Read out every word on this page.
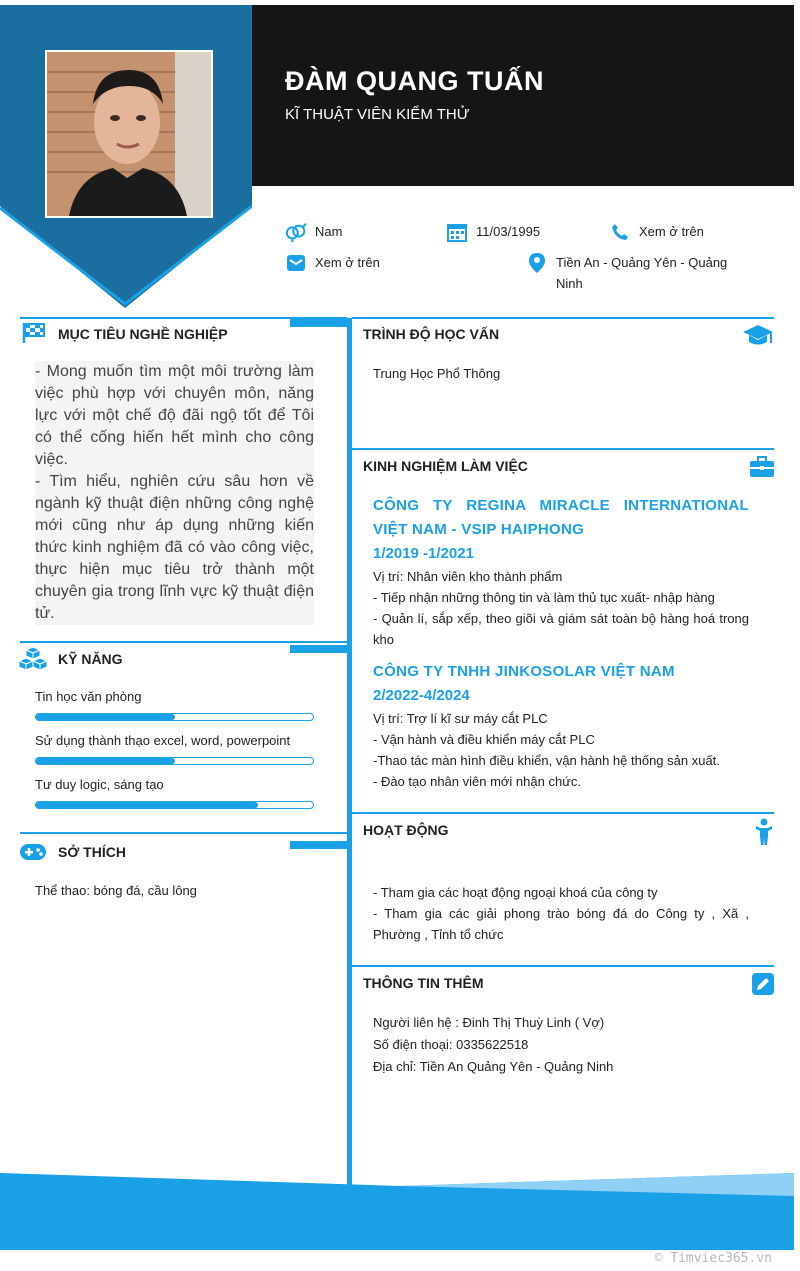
ĐÀM QUANG TUẤN
KĨ THUẬT VIÊN KIỂM THỬ
Nam	11/03/1995	Xem ở trên
Xem ở trên	Tiền An - Quảng Yên - Quảng Ninh
MỤC TIÊU NGHỀ NGHIỆP

- Mong muốn tìm một môi trường làm việc phù hợp với chuyên môn, năng lực với một chế độ đãi ngộ tốt để Tôi có thể cống hiến hết mình cho công việc.

- Tìm hiểu, nghiên cứu sâu hơn về ngành kỹ thuật điện những công nghệ mới cũng như áp dụng những kiến thức kinh nghiệm đã có vào công việc, thực hiện mục tiêu trở thành một chuyên gia trong lĩnh vực kỹ thuật điện tử.

KỸ NĂNG
Tin học văn phòng
Sử dụng thành thạo excel, word, powerpoint
Tư duy logic, sáng tạo
SỞ THÍCH
Thể thao: bóng đá, cầu lông
TRÌNH ĐỘ HỌC VẤN
Trung Học Phổ Thông
KINH NGHIỆM LÀM VIỆC
CÔNG TY REGINA MIRACLE INTERNATIONAL VIỆT NAM - VSIP HAIPHONG
1/2019 -1/2021
Vị trí: Nhân viên kho thành phẩm
- Tiếp nhận những thông tin và làm thủ tục xuất- nhập hàng
- Quản lí, sắp xếp, theo giõi và giám sát toàn bộ hàng hoá trong kho
CÔNG TY TNHH JINKOSOLAR VIỆT NAM
2/2022-4/2024
Vị trí: Trợ lí kĩ sư máy cắt PLC
- Vận hành và điều khiển máy cắt PLC
-Thao tác màn hình điều khiển, vận hành hệ thống sản xuất.
- Đào tạo nhân viên mới nhận chức.
HOẠT ĐỘNG
- Tham gia các hoạt động ngoại khoá của công ty
- Tham gia các giải phong trào bóng đá do Công ty , Xã , Phường , Tỉnh tổ chức
THÔNG TIN THÊM
Người liên hệ : Đinh Thị Thuỳ Linh ( Vợ)
Số điện thoại: 0335622518
Địa chỉ: Tiền An Quảng Yên - Quảng Ninh
© Timviec365.vn
